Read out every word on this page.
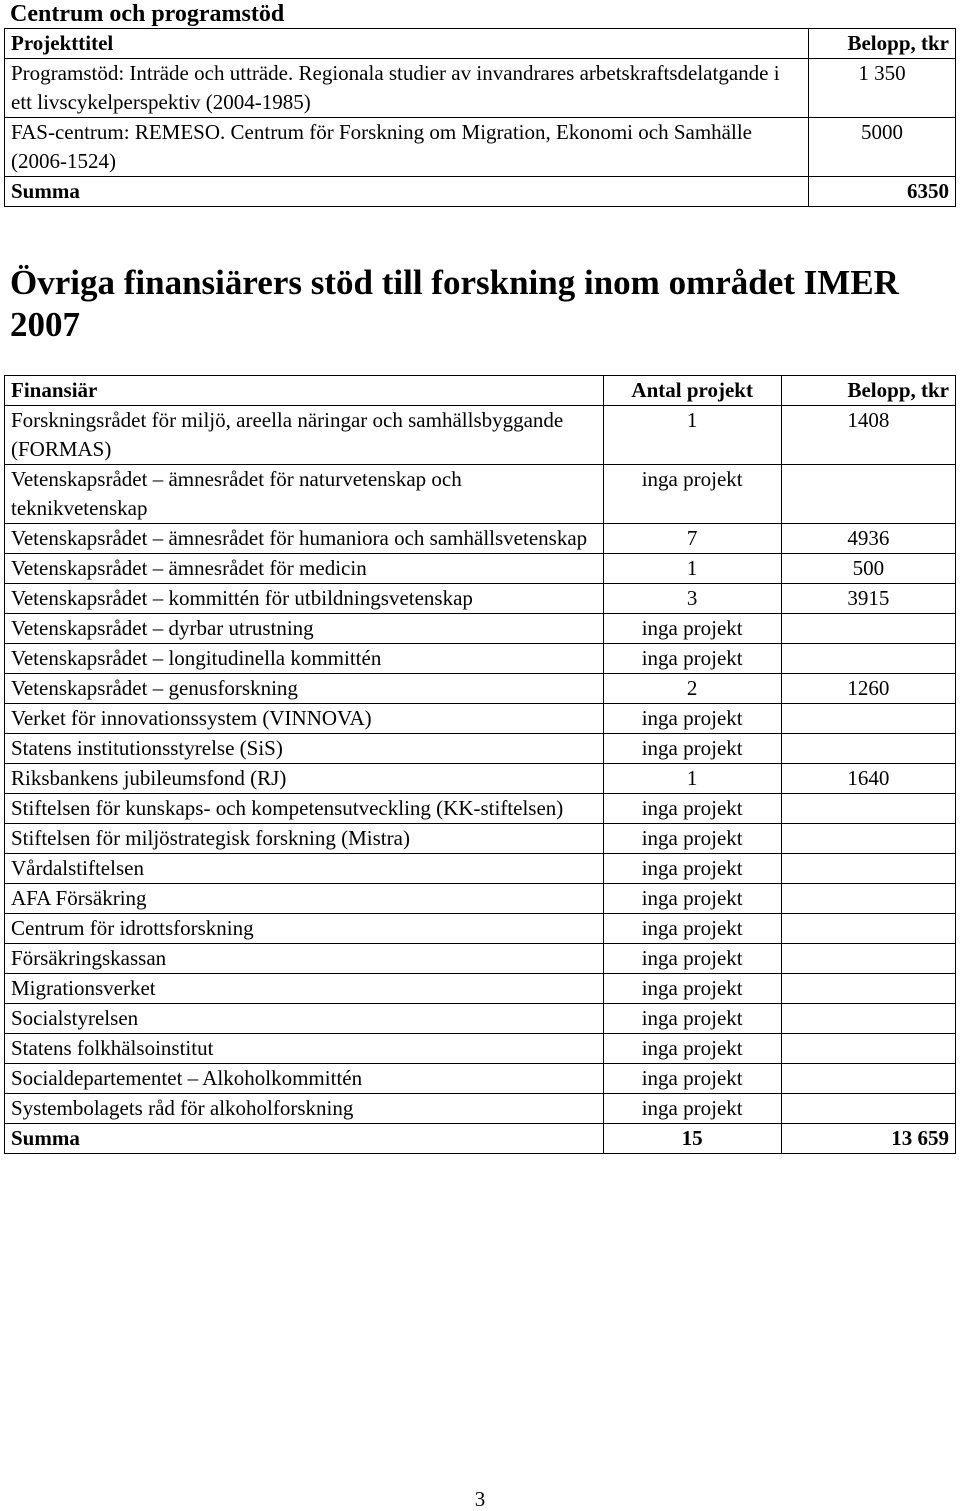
Centrum och programstöd
Projekttitel	Belopp, tkr
Programstöd: Inträde och utträde. Regionala studier av invandrares arbetskraftsdelatgande i ett livscykelperspektiv (2004-1985)	1 350
FAS-centrum: REMESO. Centrum för Forskning om Migration, Ekonomi och Samhälle (2006-1524)	5000
Summa	6350
Övriga finansiärers stöd till forskning inom området IMER 2007
Finansiär	Antal projekt	Belopp, tkr
Forskningsrådet för miljö, areella näringar och samhällsbyggande (FORMAS)	1	1408
Vetenskapsrådet – ämnesrådet för naturvetenskap och teknikvetenskap	inga projekt	
Vetenskapsrådet – ämnesrådet för humaniora och samhällsvetenskap	7	4936
Vetenskapsrådet – ämnesrådet för medicin	1	500
Vetenskapsrådet – kommittén för utbildningsvetenskap	3	3915
Vetenskapsrådet – dyrbar utrustning	inga projekt	
Vetenskapsrådet – longitudinella kommittén	inga projekt	
Vetenskapsrådet – genusforskning	2	1260
Verket för innovationssystem (VINNOVA)	inga projekt	
Statens institutionsstyrelse (SiS)	inga projekt	
Riksbankens jubileumsfond (RJ)	1	1640
Stiftelsen för kunskaps- och kompetensutveckling (KK-stiftelsen)	inga projekt	
Stiftelsen för miljöstrategisk forskning (Mistra)	inga projekt	
Vårdalstiftelsen	inga projekt	
AFA Försäkring	inga projekt	
Centrum för idrottsforskning	inga projekt	
Försäkringskassan	inga projekt	
Migrationsverket	inga projekt	
Socialstyrelsen	inga projekt	
Statens folkhälsoinstitut	inga projekt	
Socialdepartementet – Alkoholkommittén	inga projekt	
Systembolagets råd för alkoholforskning	inga projekt	
Summa	15	13 659
3
